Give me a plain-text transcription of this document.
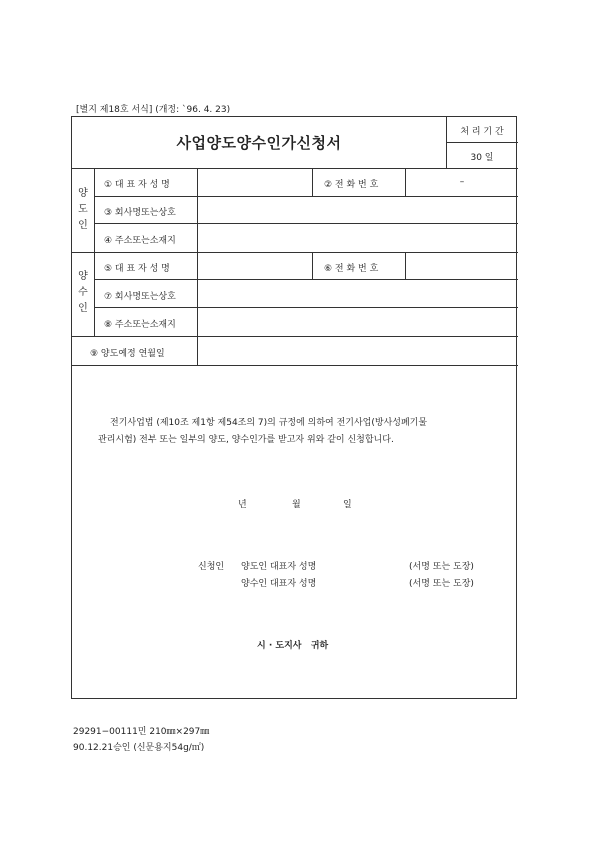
[별지 제18호 서식] (개정: `96. 4. 23)
사업양도양수인가신청서
처 리 기 간
30 일
양
도
인
① 대 표 자 성 명	② 전 화 번 호	–
③ 회사명또는상호
④ 주소또는소재지
양
수
인
⑤ 대 표 자 성 명	⑥ 전 화 번 호
⑦ 회사명또는상호
⑧ 주소또는소재지
⑨ 양도예정 연월일
전기사업법 (제10조 제1항 제54조의 7)의 규정에 의하여 전기사업(방사성폐기물
관리시험) 전부 또는 일부의 양도, 양수인가를 받고자 위와 같이 신청합니다.
년	월	일
신청인 양도인 대표자 성명	(서명 또는 도장)
양수인 대표자 성명	(서명 또는 도장)
시 · 도지사   귀하
29291−00111민 210㎜×297㎜
90.12.21승인 (신문용지54g/㎡)
